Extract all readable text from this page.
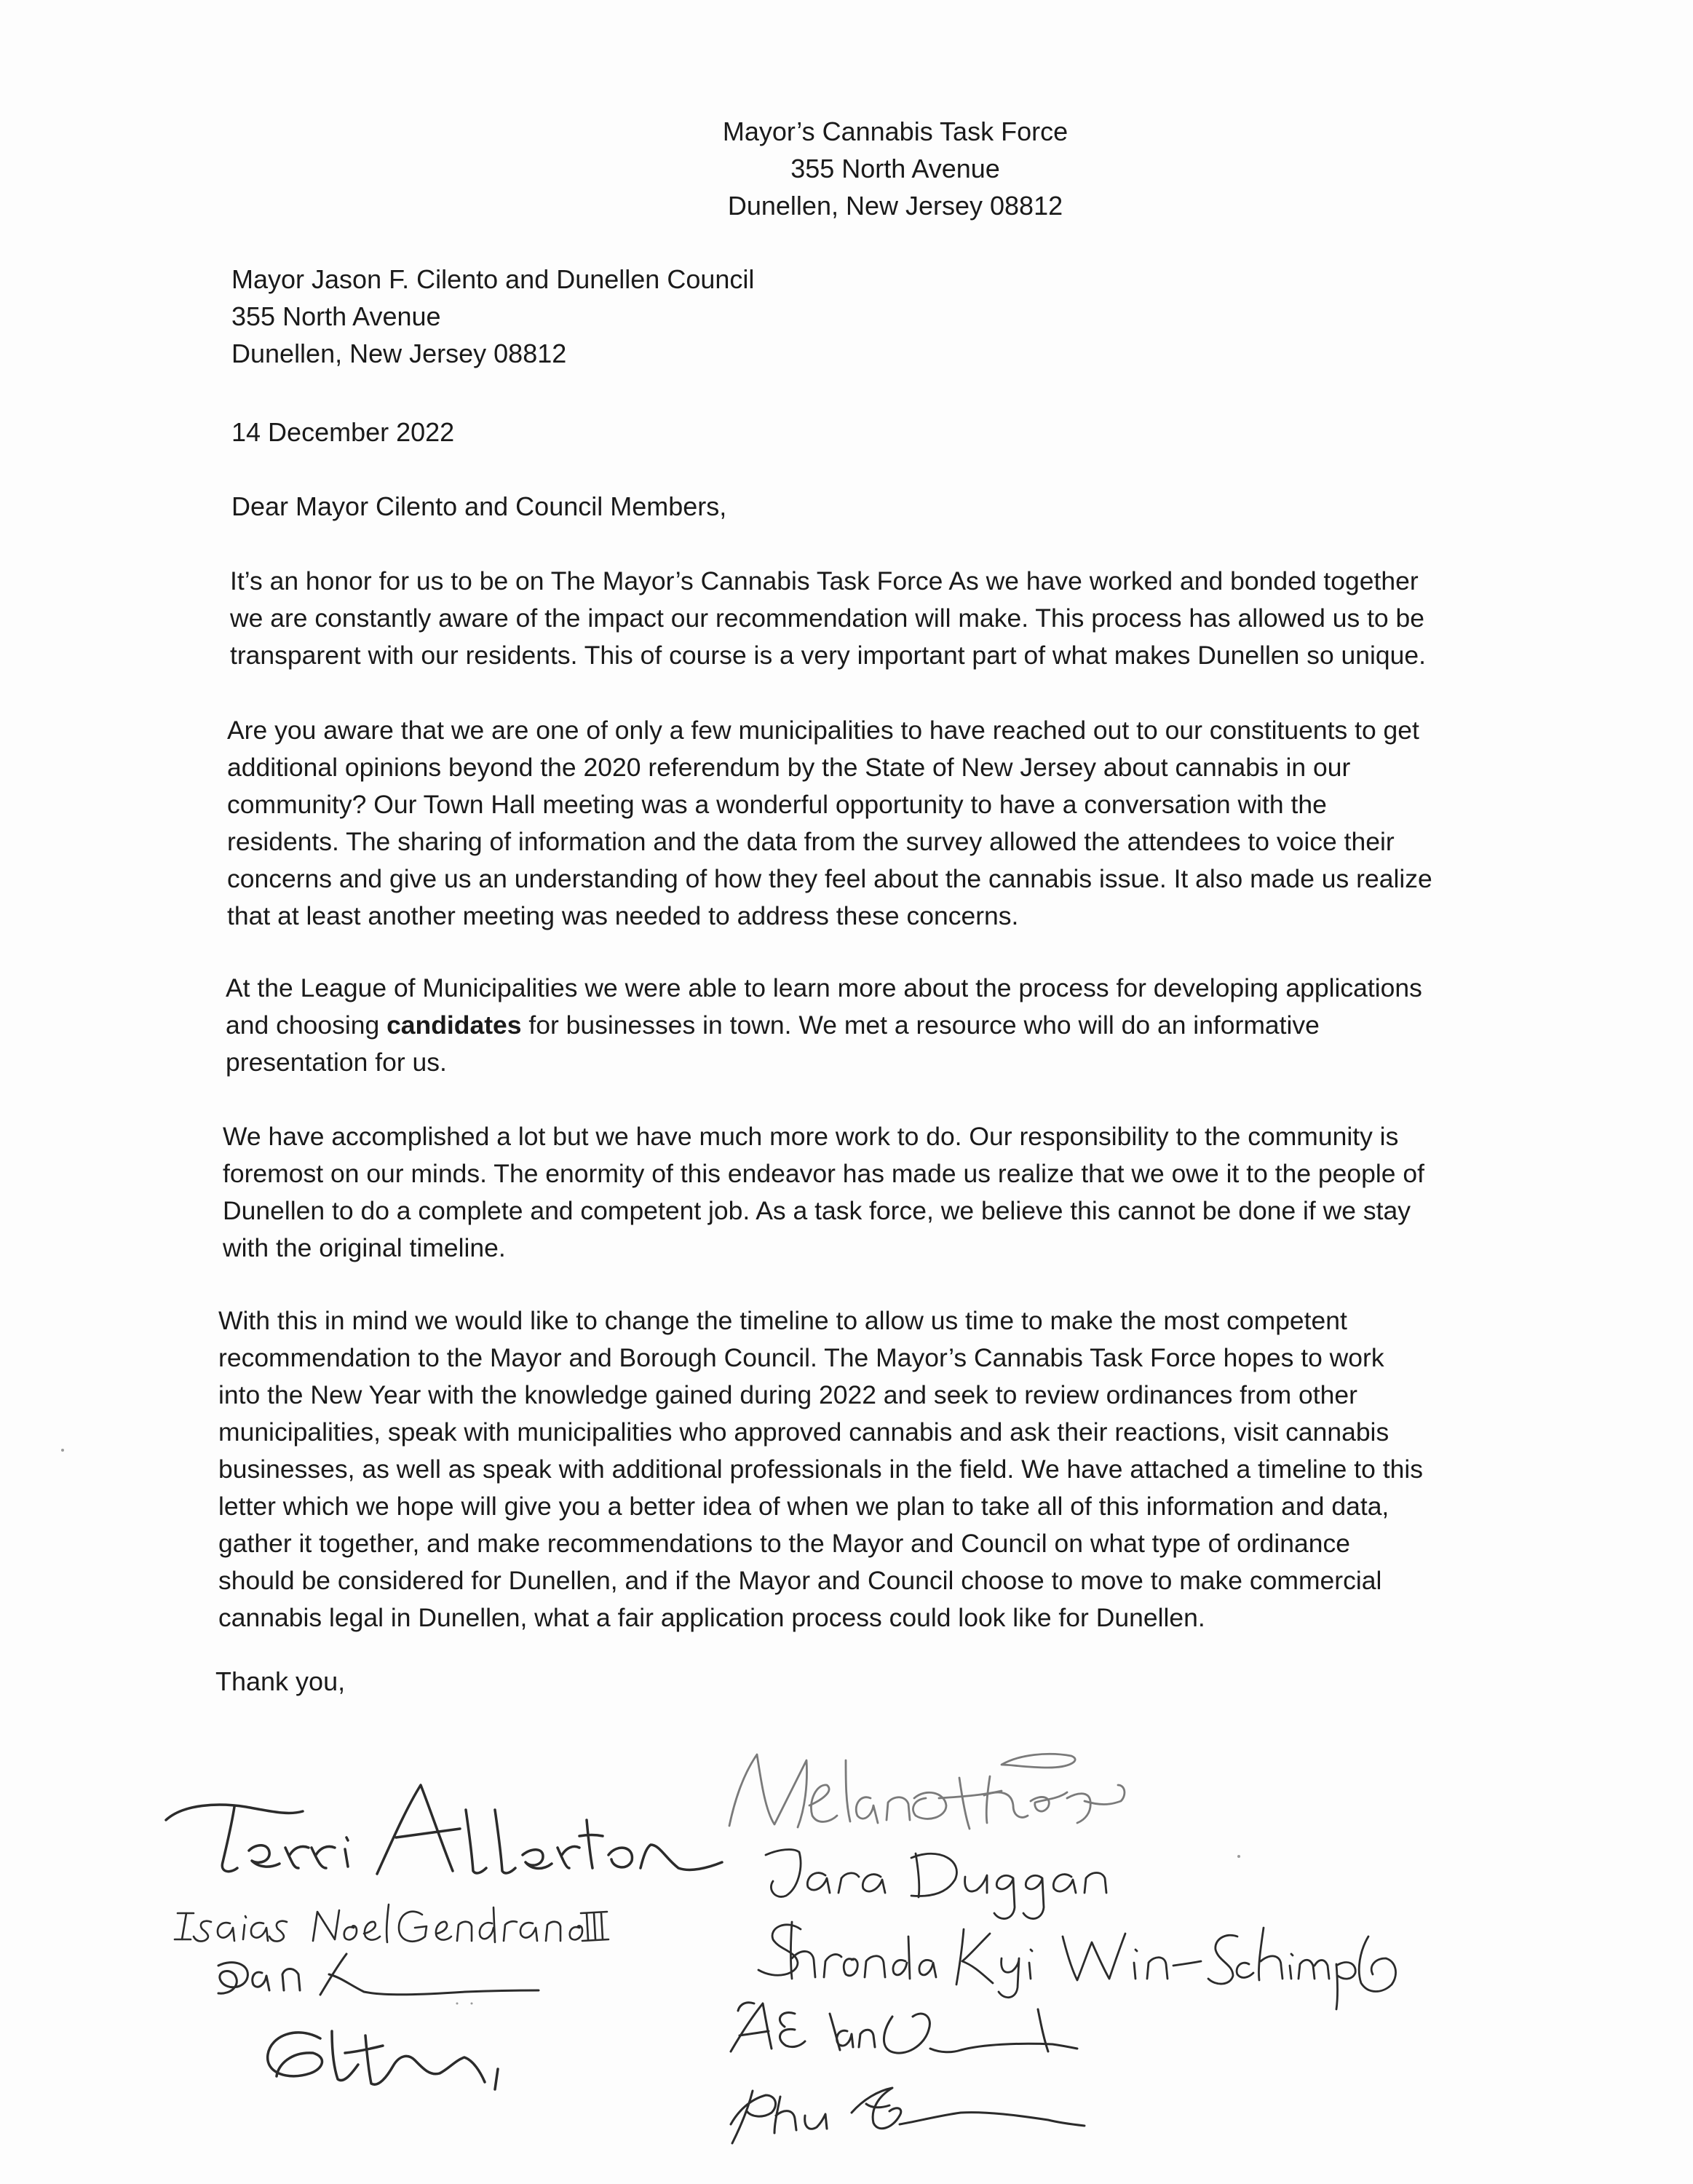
Mayor’s Cannabis Task Force
355 North Avenue
Dunellen, New Jersey 08812
Mayor Jason F. Cilento and Dunellen Council
355 North Avenue
Dunellen, New Jersey 08812
14 December 2022
Dear Mayor Cilento and Council Members,

It’s an honor for us to be on The Mayor’s Cannabis Task Force As we have worked and bonded together
we are constantly aware of the impact our recommendation will make. This process has allowed us to be
transparent with our residents. This of course is a very important part of what makes Dunellen so unique.

Are you aware that we are one of only a few municipalities to have reached out to our constituents to get
additional opinions beyond the 2020 referendum by the State of New Jersey about cannabis in our
community? Our Town Hall meeting was a wonderful opportunity to have a conversation with the
residents. The sharing of information and the data from the survey allowed the attendees to voice their
concerns and give us an understanding of how they feel about the cannabis issue. It also made us realize
that at least another meeting was needed to address these concerns.

At the League of Municipalities we were able to learn more about the process for developing applications
and choosing candidates for businesses in town. We met a resource who will do an informative
presentation for us.

We have accomplished a lot but we have much more work to do. Our responsibility to the community is
foremost on our minds. The enormity of this endeavor has made us realize that we owe it to the people of
Dunellen to do a complete and competent job. As a task force, we believe this cannot be done if we stay
with the original timeline.

With this in mind we would like to change the timeline to allow us time to make the most competent
recommendation to the Mayor and Borough Council. The Mayor’s Cannabis Task Force hopes to work
into the New Year with the knowledge gained during 2022 and seek to review ordinances from other
municipalities, speak with municipalities who approved cannabis and ask their reactions, visit cannabis
businesses, as well as speak with additional professionals in the field. We have attached a timeline to this
letter which we hope will give you a better idea of when we plan to take all of this information and data,
gather it together, and make recommendations to the Mayor and Council on what type of ordinance
should be considered for Dunellen, and if the Mayor and Council choose to move to make commercial
cannabis legal in Dunellen, what a fair application process could look like for Dunellen.

Thank you,
